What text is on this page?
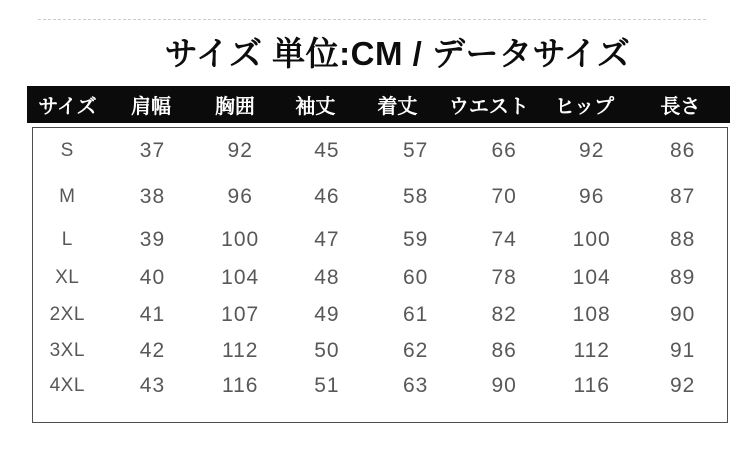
サイズ 単位:CM / データサイズ
サイズ	肩幅	胸囲	袖丈	着丈	ウエスト	ヒップ	長さ
S	37	92	45	57	66	92	86
M	38	96	46	58	70	96	87
L	39	100	47	59	74	100	88
XL	40	104	48	60	78	104	89
2XL	41	107	49	61	82	108	90
3XL	42	112	50	62	86	112	91
4XL	43	116	51	63	90	116	92
